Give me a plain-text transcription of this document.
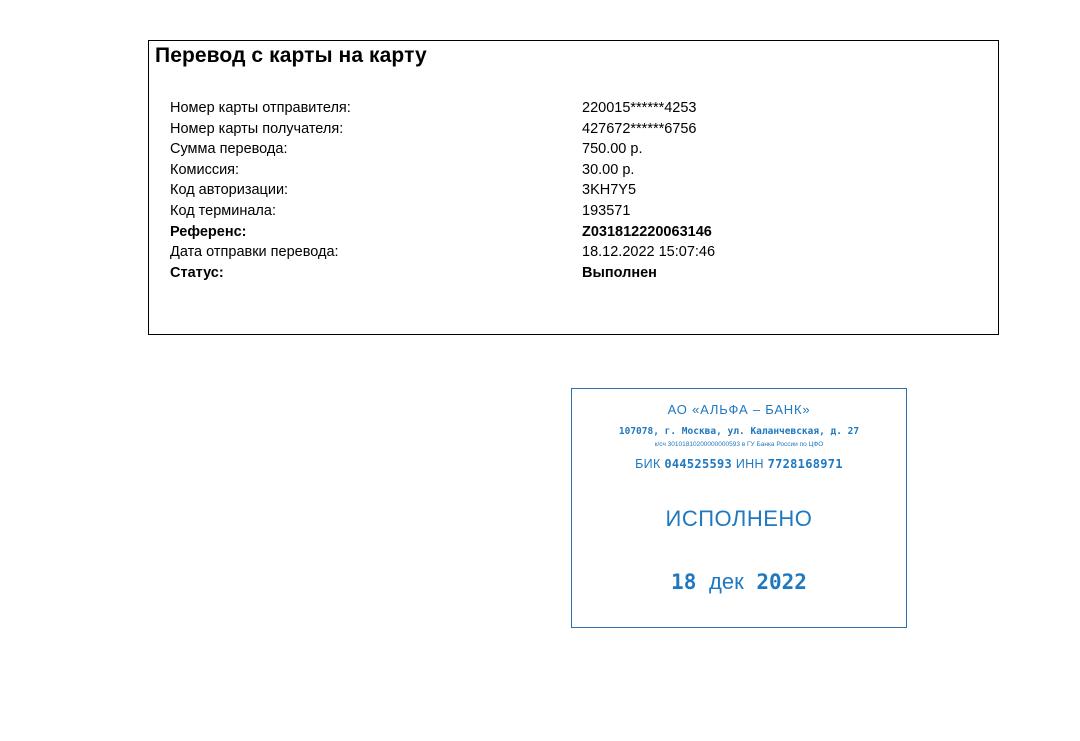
Перевод с карты на карту
Номер карты отправителя:	220015******4253
Номер карты получателя:	427672******6756
Сумма перевода:	750.00 р.
Комиссия:	30.00 р.
Код авторизации:	3KH7Y5
Код терминала:	193571
Референс:	Z031812220063146
Дата отправки перевода:	18.12.2022 15:07:46
Статус:	Выполнен
АО «АЛЬФА – БАНК»
107078, г. Москва, ул. Каланчевская, д. 27
к/сч 30101810200000000593 в ГУ Банка России по ЦФО
БИК 044525593 ИНН 7728168971
ИСПОЛНЕНО
18 дек 2022
